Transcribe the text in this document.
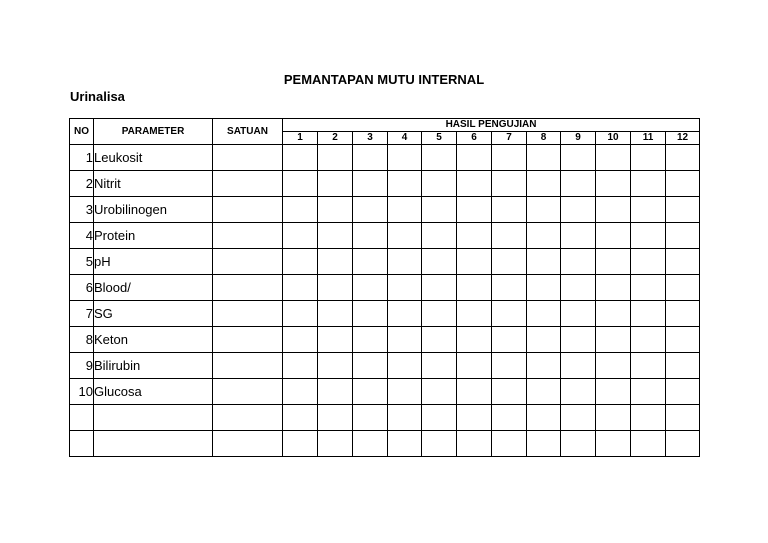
PEMANTAPAN MUTU INTERNAL
Urinalisa
NO	PARAMETER	SATUAN	HASIL PENGUJIAN											
			1	2	3	4	5	6	7	8	9	10	11	12
1	Leukosit													
2	Nitrit													
3	Urobilinogen													
4	Protein													
5	pH													
6	Blood/													
7	SG													
8	Keton													
9	Bilirubin													
10	Glucosa													
